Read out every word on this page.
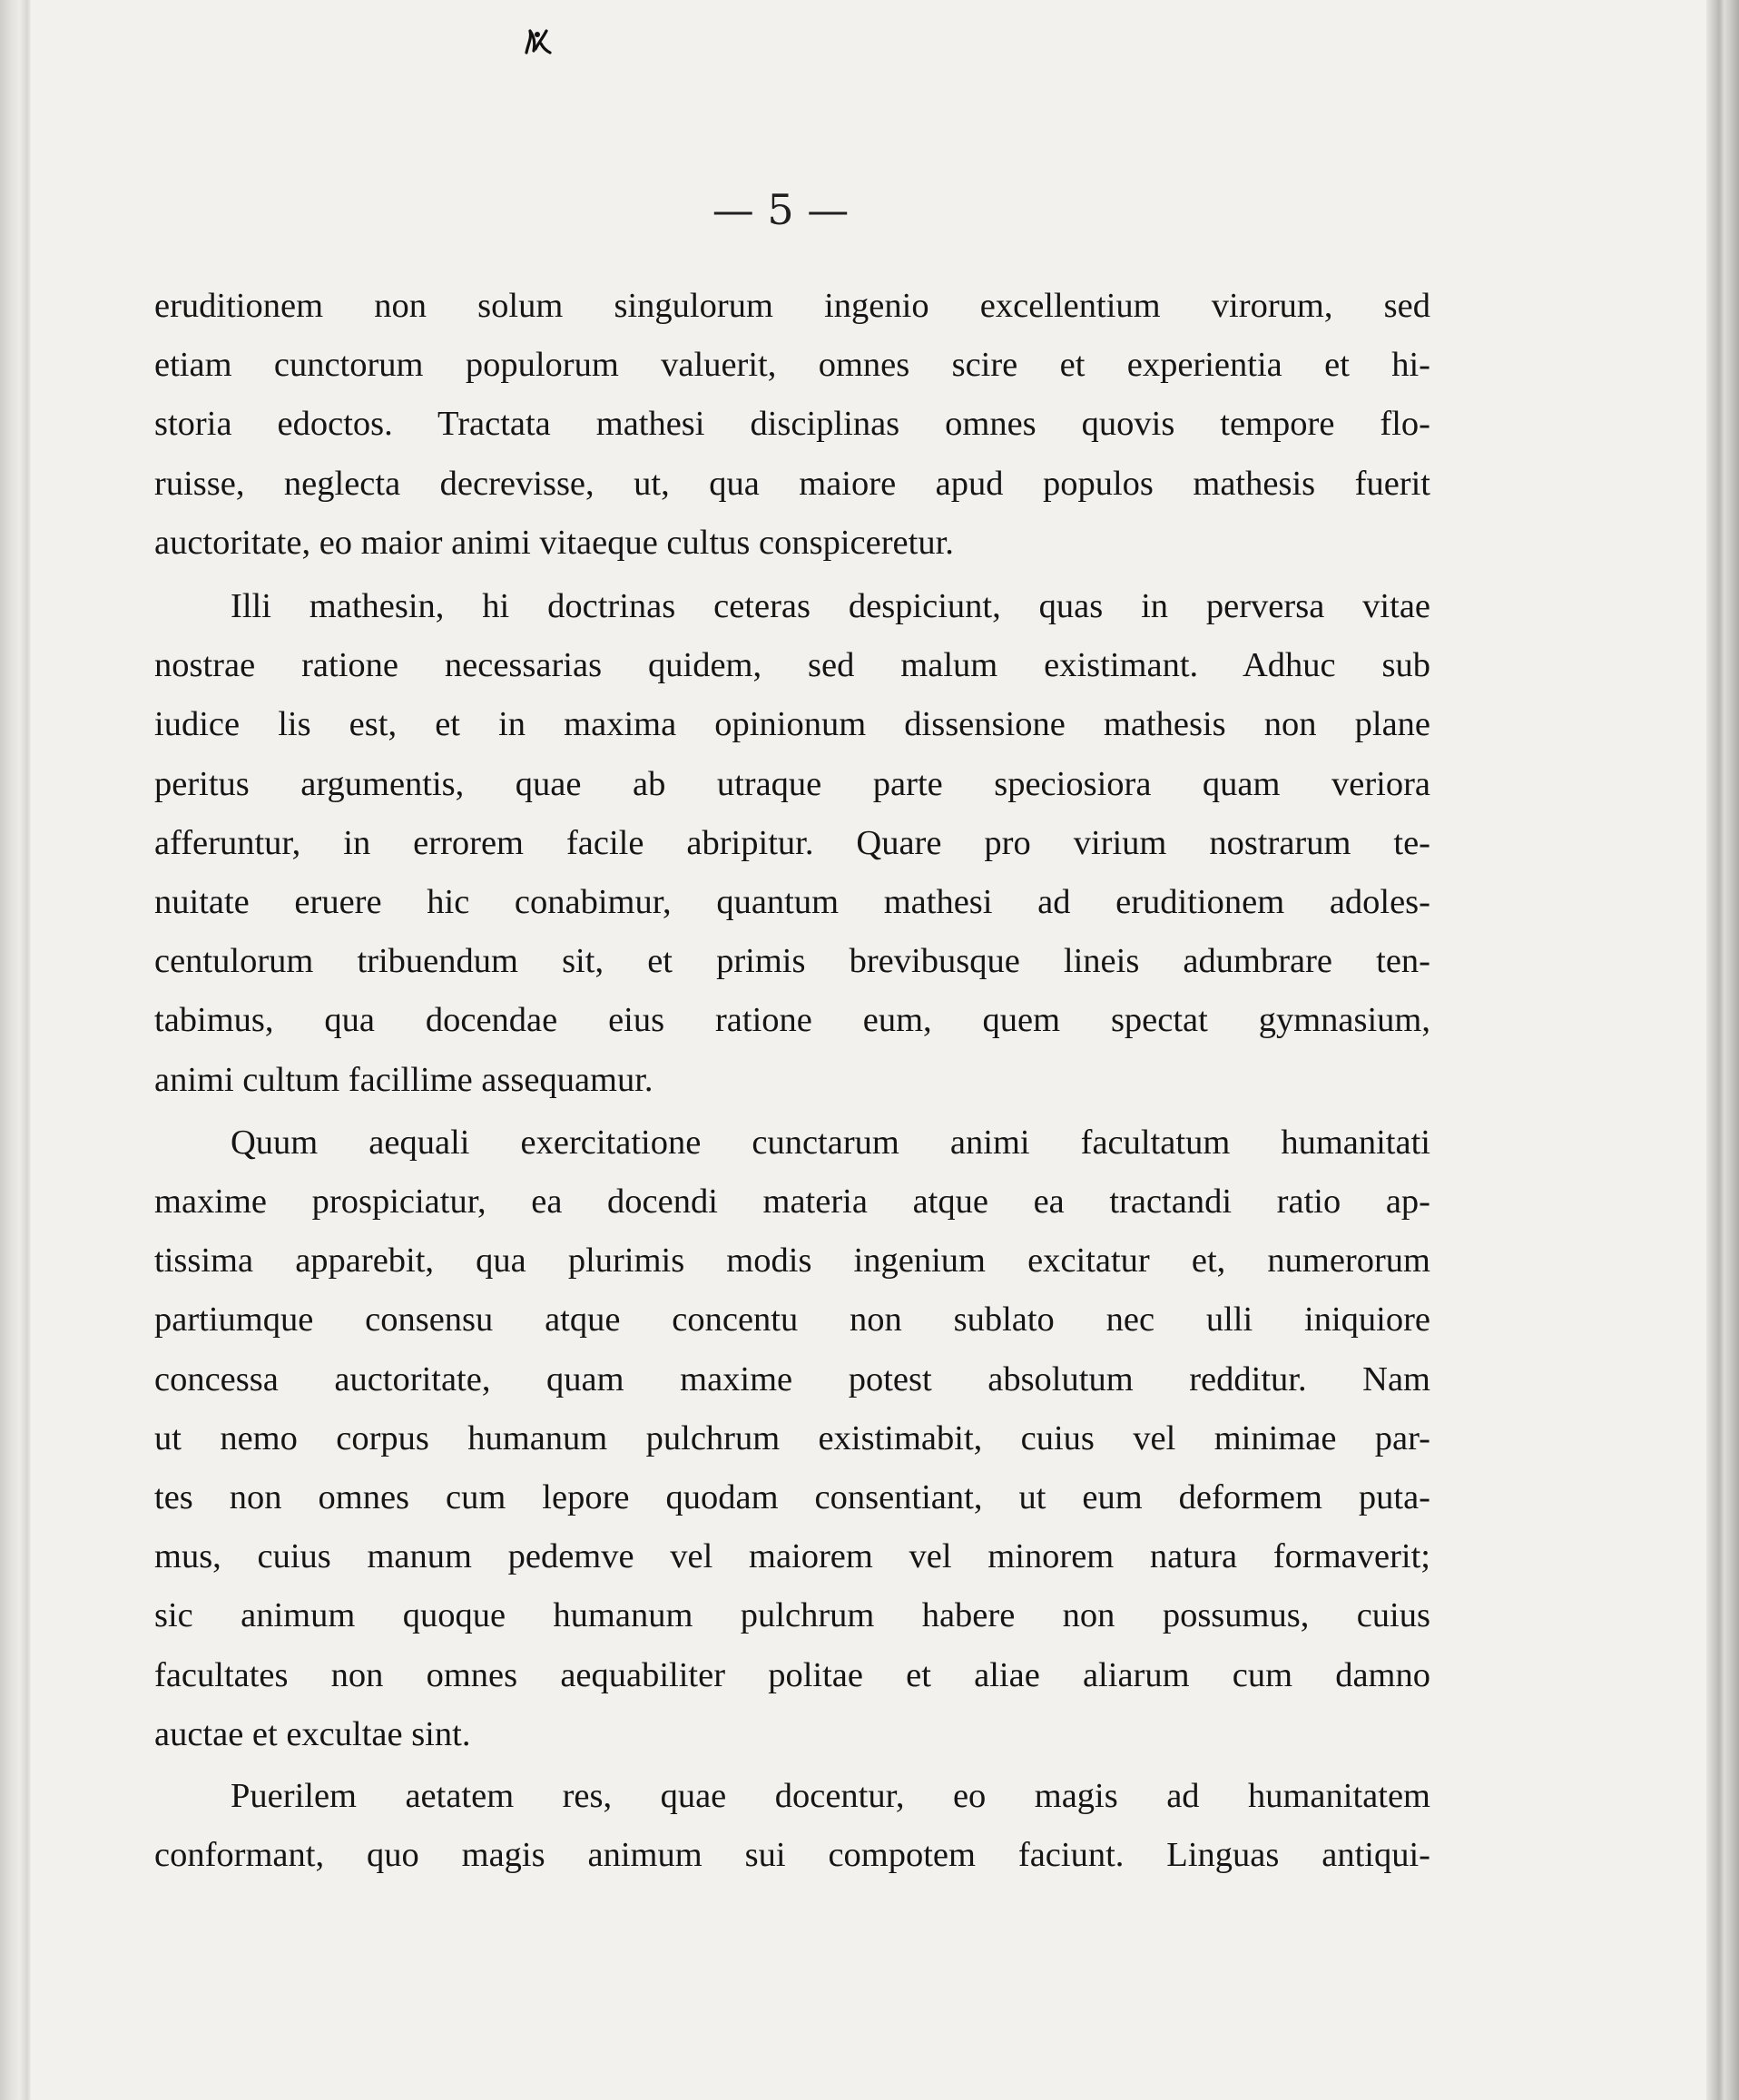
— 5 —

eruditionem non solum singulorum ingenio excellentium virorum, sed

etiam cunctorum populorum valuerit, omnes scire et experientia et hi-

storia edoctos. Tractata mathesi disciplinas omnes quovis tempore flo-

ruisse, neglecta decrevisse, ut, qua maiore apud populos mathesis fuerit

auctoritate, eo maior animi vitaeque cultus conspiceretur.

Illi mathesin, hi doctrinas ceteras despiciunt, quas in perversa vitae

nostrae ratione necessarias quidem, sed malum existimant. Adhuc sub

iudice lis est, et in maxima opinionum dissensione mathesis non plane

peritus argumentis, quae ab utraque parte speciosiora quam veriora

afferuntur, in errorem facile abripitur. Quare pro virium nostrarum te-

nuitate eruere hic conabimur, quantum mathesi ad eruditionem adoles-

centulorum tribuendum sit, et primis brevibusque lineis adumbrare ten-

tabimus, qua docendae eius ratione eum, quem spectat gymnasium,

animi cultum facillime assequamur.

Quum aequali exercitatione cunctarum animi facultatum humanitati

maxime prospiciatur, ea docendi materia atque ea tractandi ratio ap-

tissima apparebit, qua plurimis modis ingenium excitatur et, numerorum

partiumque consensu atque concentu non sublato nec ulli iniquiore

concessa auctoritate, quam maxime potest absolutum redditur. Nam

ut nemo corpus humanum pulchrum existimabit, cuius vel minimae par-

tes non omnes cum lepore quodam consentiant, ut eum deformem puta-

mus, cuius manum pedemve vel maiorem vel minorem natura formaverit;

sic animum quoque humanum pulchrum habere non possumus, cuius

facultates non omnes aequabiliter politae et aliae aliarum cum damno

auctae et excultae sint.

Puerilem aetatem res, quae docentur, eo magis ad humanitatem

conformant, quo magis animum sui compotem faciunt. Linguas antiqui-
